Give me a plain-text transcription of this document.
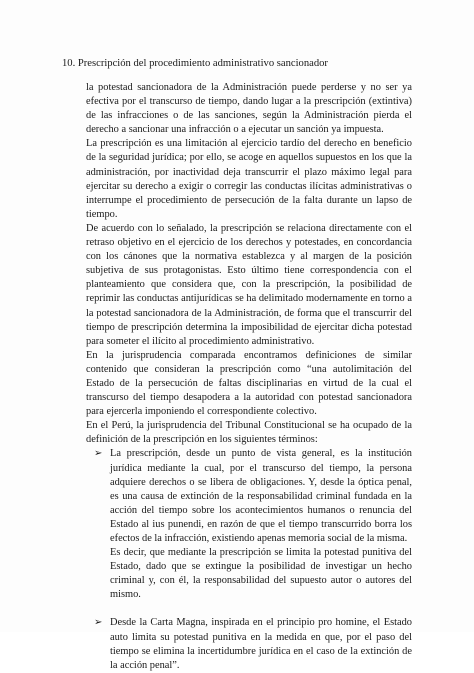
10. Prescripción del procedimiento administrativo sancionador

la potestad sancionadora de la Administración puede perderse y no ser ya efectiva por el transcurso de tiempo, dando lugar a la prescripción (extintiva) de las infracciones o de las sanciones, según la Administración pierda el derecho a sancionar una infracción o a ejecutar un sanción ya impuesta.

La prescripción es una limitación al ejercicio tardío del derecho en beneficio de la seguridad jurídica; por ello, se acoge en aquellos supuestos en los que la administración, por inactividad deja transcurrir el plazo máximo legal para ejercitar su derecho a exigir o corregir las conductas ilícitas administrativas o interrumpe el procedimiento de persecución de la falta durante un lapso de tiempo.

De acuerdo con lo señalado, la prescripción se relaciona directamente con el retraso objetivo en el ejercicio de los derechos y potestades, en concordancia con los cánones que la normativa establezca y al margen de la posición subjetiva de sus protagonistas. Esto último tiene correspondencia con el planteamiento que considera que, con la prescripción, la posibilidad de reprimir las conductas antijurídicas se ha delimitado modernamente en torno a la potestad sancionadora de la Administración, de forma que el transcurrir del tiempo de prescripción determina la imposibilidad de ejercitar dicha potestad para someter el ilícito al procedimiento administrativo.

En la jurisprudencia comparada encontramos definiciones de similar contenido que consideran la prescripción como “una autolimitación del Estado de la persecución de faltas disciplinarias en virtud de la cual el transcurso del tiempo desapodera a la autoridad con potestad sancionadora para ejercerla imponiendo el correspondiente colectivo.

En el Perú, la jurisprudencia del Tribunal Constitucional se ha ocupado de la definición de la prescripción en los siguientes términos:

➢ La prescripción, desde un punto de vista general, es la institución jurídica mediante la cual, por el transcurso del tiempo, la persona adquiere derechos o se libera de obligaciones. Y, desde la óptica penal, es una causa de extinción de la responsabilidad criminal fundada en la acción del tiempo sobre los acontecimientos humanos o renuncia del Estado al ius punendi, en razón de que el tiempo transcurrido borra los efectos de la infracción, existiendo apenas memoria social de la misma.

Es decir, que mediante la prescripción se limita la potestad punitiva del Estado, dado que se extingue la posibilidad de investigar un hecho criminal y, con él, la responsabilidad del supuesto autor o autores del mismo.

➢ Desde la Carta Magna, inspirada en el principio pro homine, el Estado auto limita su potestad punitiva en la medida en que, por el paso del tiempo se elimina la incertidumbre jurídica en el caso de la extinción de la acción penal”.
